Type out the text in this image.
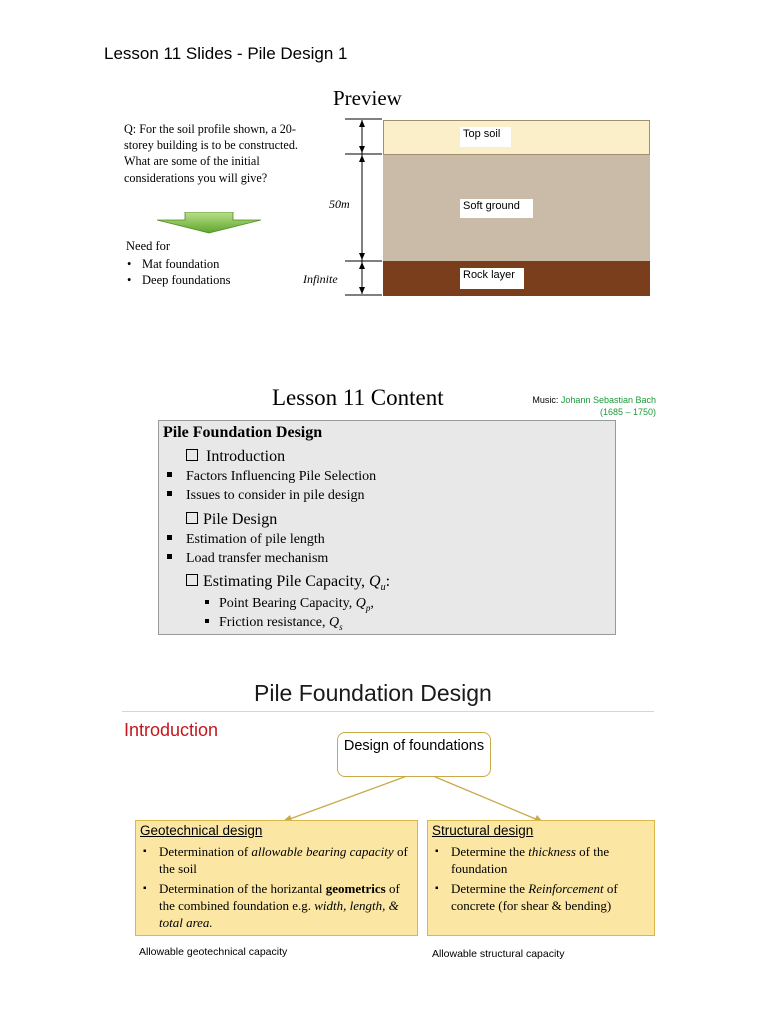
Lesson 11 Slides - Pile Design 1
Preview
Q: For the soil profile shown, a 20-storey building is to be constructed. What are some of the initial considerations you will give?
Need for
• Mat foundation
• Deep foundations
50m
Infinite
Top soil
Soft ground
Rock layer
Lesson 11 Content	Music: Johann Sebastian Bach (1685 – 1750)
Pile Foundation Design
Introduction
Factors Influencing Pile Selection
Issues to consider in pile design
Pile Design
Estimation of pile length
Load transfer mechanism
Estimating Pile Capacity, $Q_u$:
Point Bearing Capacity, $Q_p$,
Friction resistance, $Q_s$
Pile Foundation Design
Introduction
Design of foundations
Geotechnical design
▪ Determination of allowable bearing capacity of the soil
▪ Determination of the horizantal geometrics of the combined foundation e.g. width, length, & total area.
Structural design
▪ Determine the thickness of the foundation
▪ Determine the Reinforcement of concrete (for shear & bending)
Allowable geotechnical capacity	Allowable structural capacity
